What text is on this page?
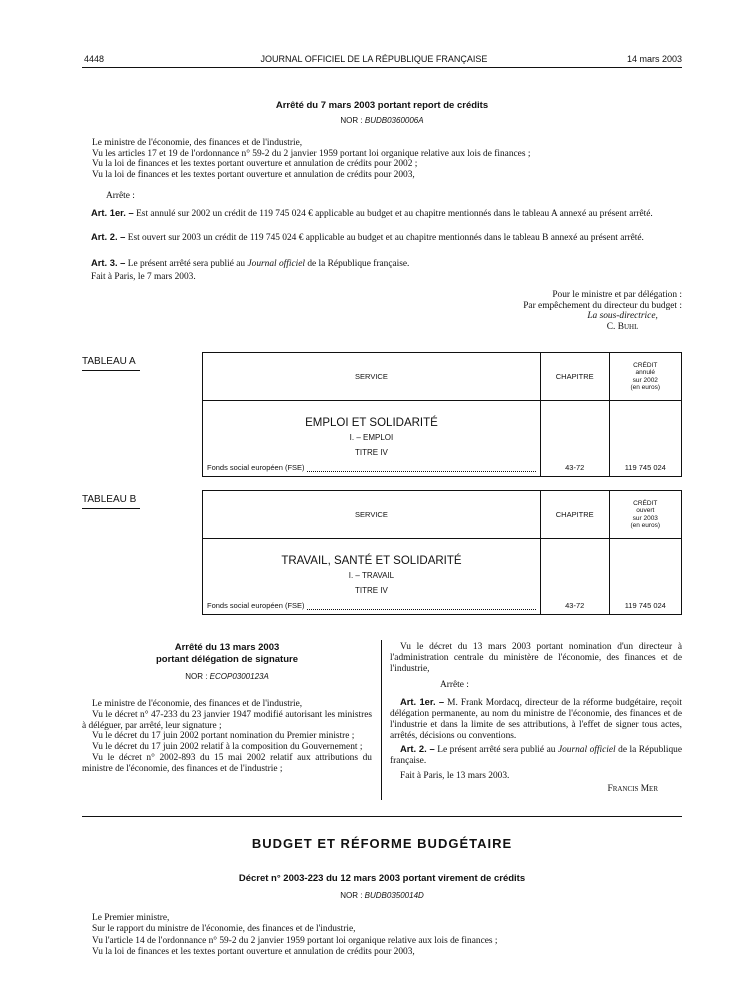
4448	JOURNAL OFFICIEL DE LA RÉPUBLIQUE FRANÇAISE	14 mars 2003
Arrêté du 7 mars 2003 portant report de crédits
NOR : BUDB0360006A
Le ministre de l'économie, des finances et de l'industrie,
Vu les articles 17 et 19 de l'ordonnance n° 59-2 du 2 janvier 1959 portant loi organique relative aux lois de finances ;
Vu la loi de finances et les textes portant ouverture et annulation de crédits pour 2002 ;
Vu la loi de finances et les textes portant ouverture et annulation de crédits pour 2003,
Arrête :
Art. 1er. – Est annulé sur 2002 un crédit de 119 745 024 € applicable au budget et au chapitre mentionnés dans le tableau A annexé au présent arrêté.
Art. 2. – Est ouvert sur 2003 un crédit de 119 745 024 € applicable au budget et au chapitre mentionnés dans le tableau B annexé au présent arrêté.
Art. 3. – Le présent arrêté sera publié au Journal officiel de la République française.
Fait à Paris, le 7 mars 2003.
Pour le ministre et par délégation :
Par empêchement du directeur du budget :
La sous-directrice,
C. Buhl
TABLEAU A
SERVICE	CHAPITRE	CRÉDIT
annulé
sur 2002
(en euros)

EMPLOI ET SOLIDARITÉ
I. – EMPLOI
TITRE IV
Fonds social européen (FSE)	43-72	119 745 024
TABLEAU B
SERVICE	CHAPITRE	CRÉDIT
ouvert
sur 2003
(en euros)

TRAVAIL, SANTÉ ET SOLIDARITÉ
I. – TRAVAIL
TITRE IV
Fonds social européen (FSE)	43-72	119 745 024
Arrêté du 13 mars 2003
portant délégation de signature
NOR : ECOP0300123A
Le ministre de l'économie, des finances et de l'industrie,
Vu le décret n° 47-233 du 23 janvier 1947 modifié autorisant les ministres à déléguer, par arrêté, leur signature ;
Vu le décret du 17 juin 2002 portant nomination du Premier ministre ;
Vu le décret du 17 juin 2002 relatif à la composition du Gouvernement ;
Vu le décret n° 2002-893 du 15 mai 2002 relatif aux attributions du ministre de l'économie, des finances et de l'industrie ;
Vu le décret du 13 mars 2003 portant nomination d'un directeur à l'administration centrale du ministère de l'économie, des finances et de l'industrie,
Arrête :
Art. 1er. – M. Frank Mordacq, directeur de la réforme budgétaire, reçoit délégation permanente, au nom du ministre de l'économie, des finances et de l'industrie et dans la limite de ses attributions, à l'effet de signer tous actes, arrêtés, décisions ou conventions.
Art. 2. – Le présent arrêté sera publié au Journal officiel de la République française.
Fait à Paris, le 13 mars 2003.
Francis Mer
BUDGET ET RÉFORME BUDGÉTAIRE
Décret n° 2003-223 du 12 mars 2003 portant virement de crédits
NOR : BUDB0350014D
Le Premier ministre,
Sur le rapport du ministre de l'économie, des finances et de l'industrie,
Vu l'article 14 de l'ordonnance n° 59-2 du 2 janvier 1959 portant loi organique relative aux lois de finances ;
Vu la loi de finances et les textes portant ouverture et annulation de crédits pour 2003,
